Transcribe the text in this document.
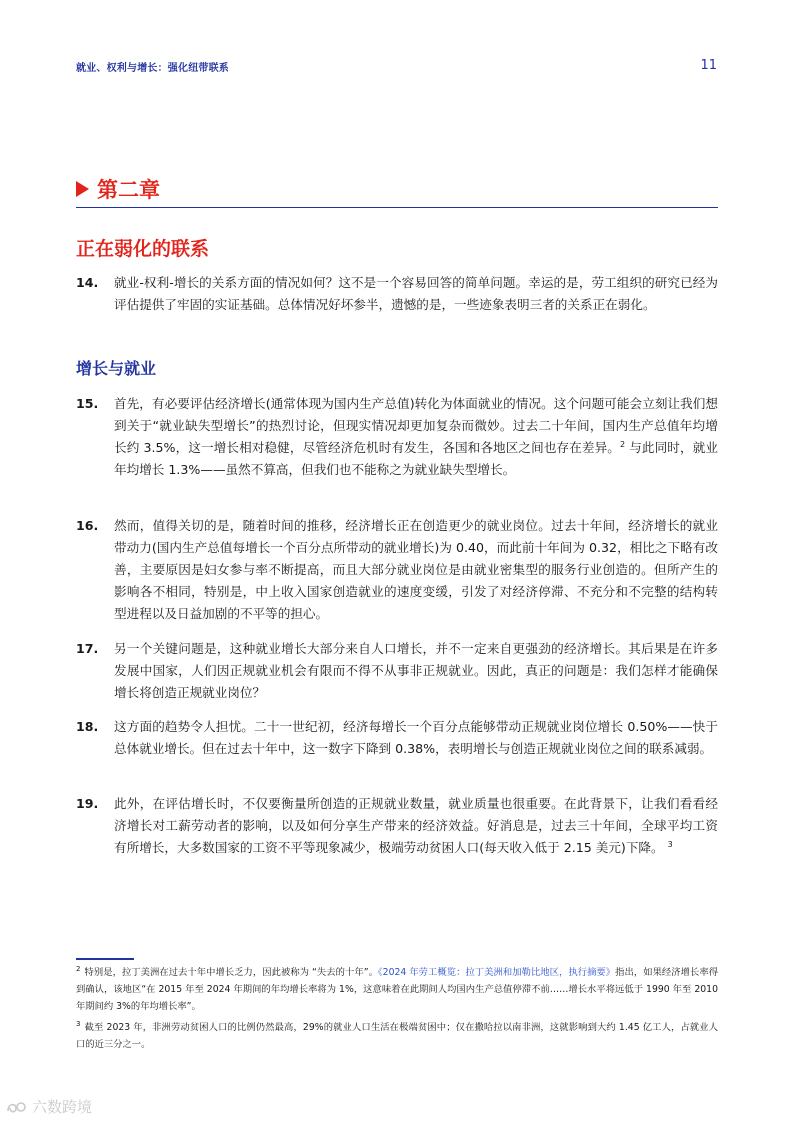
就业、权利与增长：强化纽带联系	11
第二章
正在弱化的联系
14.	就业-权利-增长的关系方面的情况如何？这不是一个容易回答的简单问题。幸运的是，劳工组织的研究已经为评估提供了牢固的实证基础。总体情况好坏参半，遗憾的是，一些迹象表明三者的关系正在弱化。
增长与就业
15.	首先，有必要评估经济增长(通常体现为国内生产总值)转化为体面就业的情况。这个问题可能会立刻让我们想到关于“就业缺失型增长”的热烈讨论，但现实情况却更加复杂而微妙。过去二十年间，国内生产总值年均增长约 3.5%，这一增长相对稳健，尽管经济危机时有发生，各国和各地区之间也存在差异。$^2$ 与此同时，就业年均增长 1.3%——虽然不算高，但我们也不能称之为就业缺失型增长。
16.	然而，值得关切的是，随着时间的推移，经济增长正在创造更少的就业岗位。过去十年间，经济增长的就业带动力(国内生产总值每增长一个百分点所带动的就业增长)为 0.40，而此前十年间为 0.32，相比之下略有改善，主要原因是妇女参与率不断提高，而且大部分就业岗位是由就业密集型的服务行业创造的。但所产生的影响各不相同，特别是，中上收入国家创造就业的速度变缓，引发了对经济停滞、不充分和不完整的结构转型进程以及日益加剧的不平等的担心。
17.	另一个关键问题是，这种就业增长大部分来自人口增长，并不一定来自更强劲的经济增长。其后果是在许多发展中国家，人们因正规就业机会有限而不得不从事非正规就业。因此，真正的问题是：我们怎样才能确保增长将创造正规就业岗位？
18.	这方面的趋势令人担忧。二十一世纪初，经济每增长一个百分点能够带动正规就业岗位增长 0.50%——快于总体就业增长。但在过去十年中，这一数字下降到 0.38%，表明增长与创造正规就业岗位之间的联系减弱。
19.	此外，在评估增长时，不仅要衡量所创造的正规就业数量，就业质量也很重要。在此背景下，让我们看看经济增长对工薪劳动者的影响，以及如何分享生产带来的经济效益。好消息是，过去三十年间，全球平均工资有所增长，大多数国家的工资不平等现象减少，极端劳动贫困人口(每天收入低于 2.15 美元)下降。 $^3$
$^2$ 特别是，拉丁美洲在过去十年中增长乏力，因此被称为 “失去的十年”。《2024 年劳工概览：拉丁美洲和加勒比地区，执行摘要》指出，如果经济增长率得到确认，该地区“在 2015 年至 2024 年期间的年均增长率将为 1%，这意味着在此期间人均国内生产总值停滞不前……增长水平将远低于 1990 年至 2010 年期间约 3%的年均增长率”。
$^3$ 截至 2023 年，非洲劳动贫困人口的比例仍然最高，29%的就业人口生活在极端贫困中；仅在撒哈拉以南非洲，这就影响到大约 1.45 亿工人，占就业人口的近三分之一。
六数跨境
